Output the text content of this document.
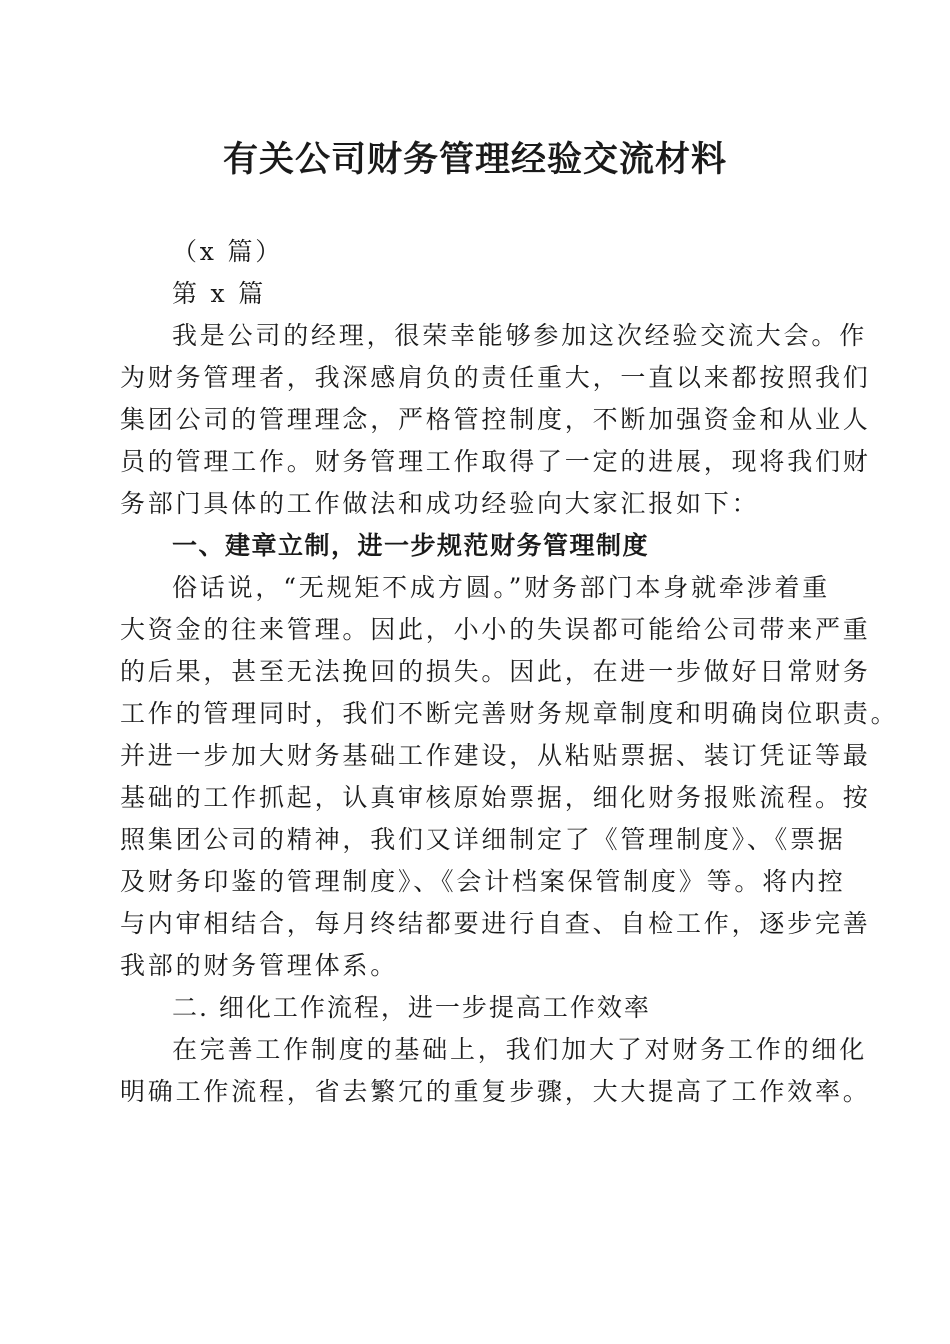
有关公司财务管理经验交流材料
（x 篇）
第 x 篇
我是公司的经理，很荣幸能够参加这次经验交流大会。作
为财务管理者，我深感肩负的责任重大，一直以来都按照我们
集团公司的管理理念，严格管控制度，不断加强资金和从业人
员的管理工作。财务管理工作取得了一定的进展，现将我们财
务部门具体的工作做法和成功经验向大家汇报如下：
一、建章立制，进一步规范财务管理制度
俗话说，“无规矩不成方圆。”财务部门本身就牵涉着重
大资金的往来管理。因此，小小的失误都可能给公司带来严重
的后果，甚至无法挽回的损失。因此，在进一步做好日常财务
工作的管理同时，我们不断完善财务规章制度和明确岗位职责。
并进一步加大财务基础工作建设，从粘贴票据、装订凭证等最
基础的工作抓起，认真审核原始票据，细化财务报账流程。按
照集团公司的精神，我们又详细制定了《管理制度》、《票据
及财务印鉴的管理制度》、《会计档案保管制度》等。将内控
与内审相结合，每月终结都要进行自查、自检工作，逐步完善
我部的财务管理体系。
二. 细化工作流程，进一步提高工作效率
在完善工作制度的基础上，我们加大了对财务工作的细化
明确工作流程，省去繁冗的重复步骤，大大提高了工作效率。
